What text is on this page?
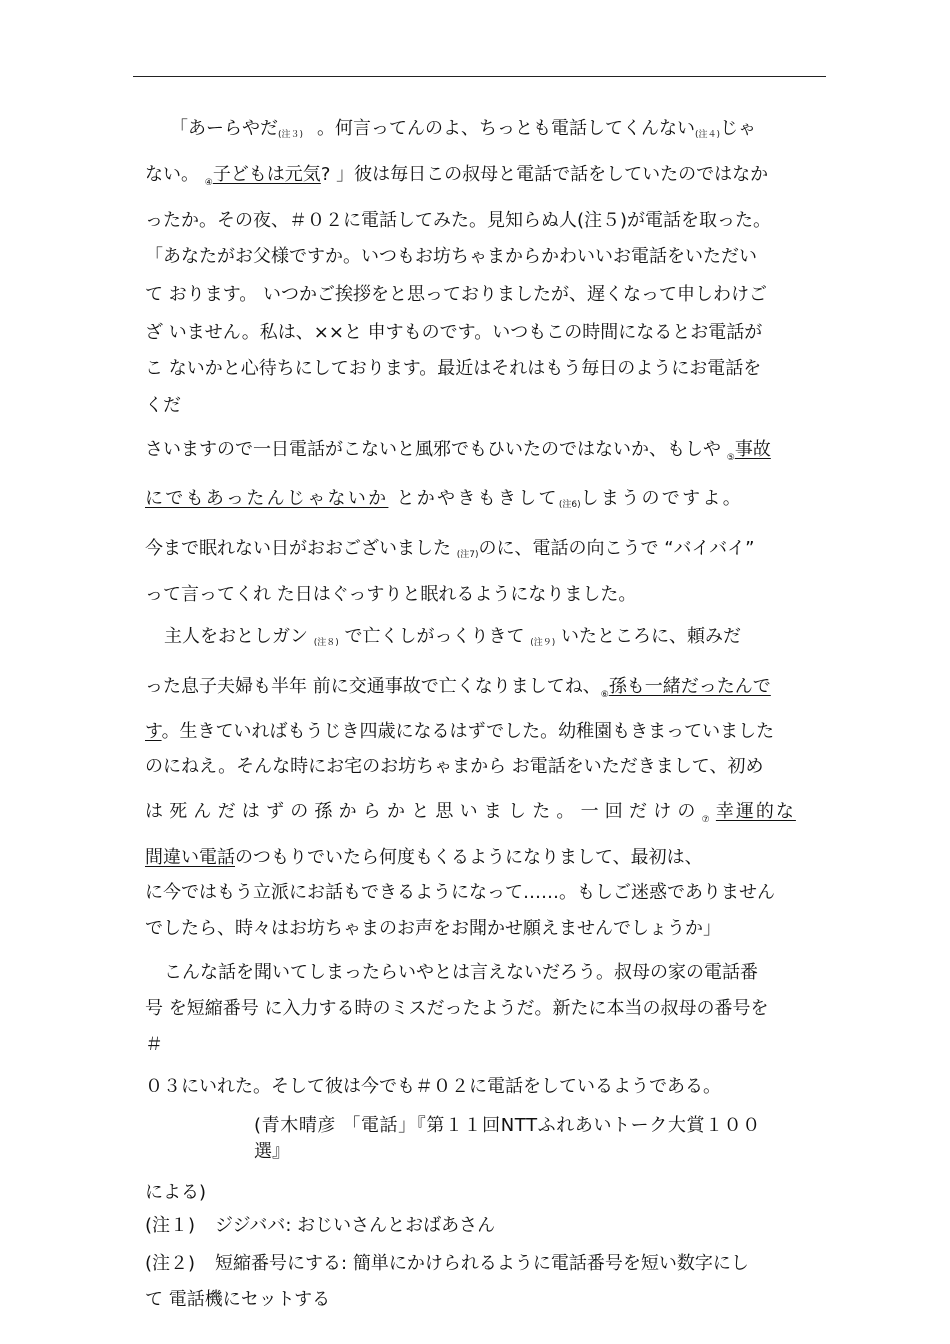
「あーらやだ(注３) 。何言ってんのよ、ちっとも電話してくんない(注４)じゃ
ない。 $_④$子どもは元気? 」彼は毎日この叔母と電話で話をしていたのではなか
ったか。その夜、＃０２に電話してみた。見知らぬ人(注５)が電話を取った。
「あなたがお父様ですか。いつもお坊ちゃまからかわいいお電話をいただい
て おります。 いつかご挨拶をと思っておりましたが、遅くなって申しわけご
ざ いません。私は、××と 申すものです。いつもこの時間になるとお電話が
こ ないかと心待ちにしております。最近はそれはもう毎日のようにお電話を
くだ
さいますので一日電話がこないと風邪でもひいたのではないか、もしや $_⑤$事故
にでもあったんじゃないか とかやきもきして(注6)しまうのですよ。
今まで眠れない日がおおございました (注7)のに、電話の向こうで “バイバイ”
って言ってくれ た日はぐっすりと眠れるようになりました。
主人をおとしガン (注８) で亡くしがっくりきて (注９) いたところに、頼みだ
った息子夫婦も半年 前に交通事故で亡くなりましてね、$_⑥$孫も一緒だったんで
す。生きていればもうじき四歳になるはずでした。幼稚園もきまっていました
のにねえ。そんな時にお宅のお坊ちゃまから お電話をいただきまして、初め
は死んだはずの孫からかと思いました。一回だけの$_⑦$幸運的な
間違い電話のつもりでいたら何度もくるようになりまして、最初は、
に今ではもう立派にお話もできるようになって……。もしご迷惑でありません
でしたら、時々はお坊ちゃまのお声をお聞かせ願えませんでしょうか」
こんな話を聞いてしまったらいやとは言えないだろう。叔母の家の電話番
号 を短縮番号 に入力する時のミスだったようだ。新たに本当の叔母の番号を
＃
０３にいれた。そして彼は今でも＃０２に電話をしているようである。
(青木晴彦 「電話」『第１１回NTTふれあいトーク大賞１００
選』
による)
(注１) ジジババ: おじいさんとおばあさん
(注２) 短縮番号にする: 簡単にかけられるように電話番号を短い数字にし
て 電話機にセットする
